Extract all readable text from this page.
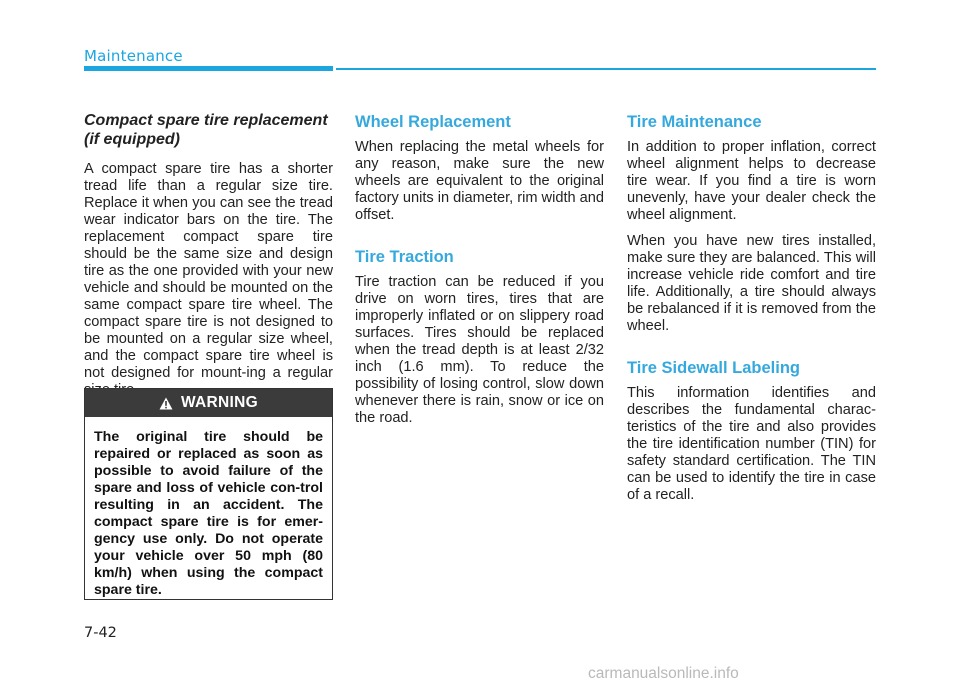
Maintenance
Compact spare tire replacement
(if equipped)

A compact spare tire has a shorter tread life than a regular size tire. Replace it when you can see the tread wear indicator bars on the tire. The replacement compact spare tire should be the same size and design tire as the one provided with your new vehicle and should be mounted on the same compact spare tire wheel. The compact spare tire is not designed to be mounted on a regular size wheel, and the compact spare tire wheel is not designed for mount-ing a regular

WARNING
The original tire should be repaired or replaced as soon as possible to avoid failure of the spare and loss of vehicle con-trol resulting in an accident. The compact spare tire is for emer-gency use only. Do not operate your vehicle over 50 mph (80 km/h) when using the compact spare tire.
Wheel Replacement

When replacing the metal wheels for any reason, make sure the new wheels are equivalent to the original factory units in diameter, rim width and offset.

Tire Traction

Tire traction can be reduced if you drive on worn tires, tires that are improperly inflated or on slippery road surfaces. Tires should be replaced when the tread depth is at least 2/32 inch (1.6 mm). To reduce the possibility of losing control, slow down whenever there is rain, snow or ice on the road.

Tire Maintenance

In addition to proper inflation, correct wheel alignment helps to decrease tire wear. If you find a tire is worn unevenly, have your dealer check the wheel alignment.

When you have new tires installed, make sure they are balanced. This will increase vehicle ride comfort and tire life. Additionally, a tire should always be rebalanced if it is removed from the wheel.

Tire Sidewall Labeling

This information identifies and describes the fundamental charac-teristics of the tire and also provides the tire identification number (TIN) for safety standard certification. The TIN can be used to identify the tire in case of a recall.

7-42
carmanualsonline.info
